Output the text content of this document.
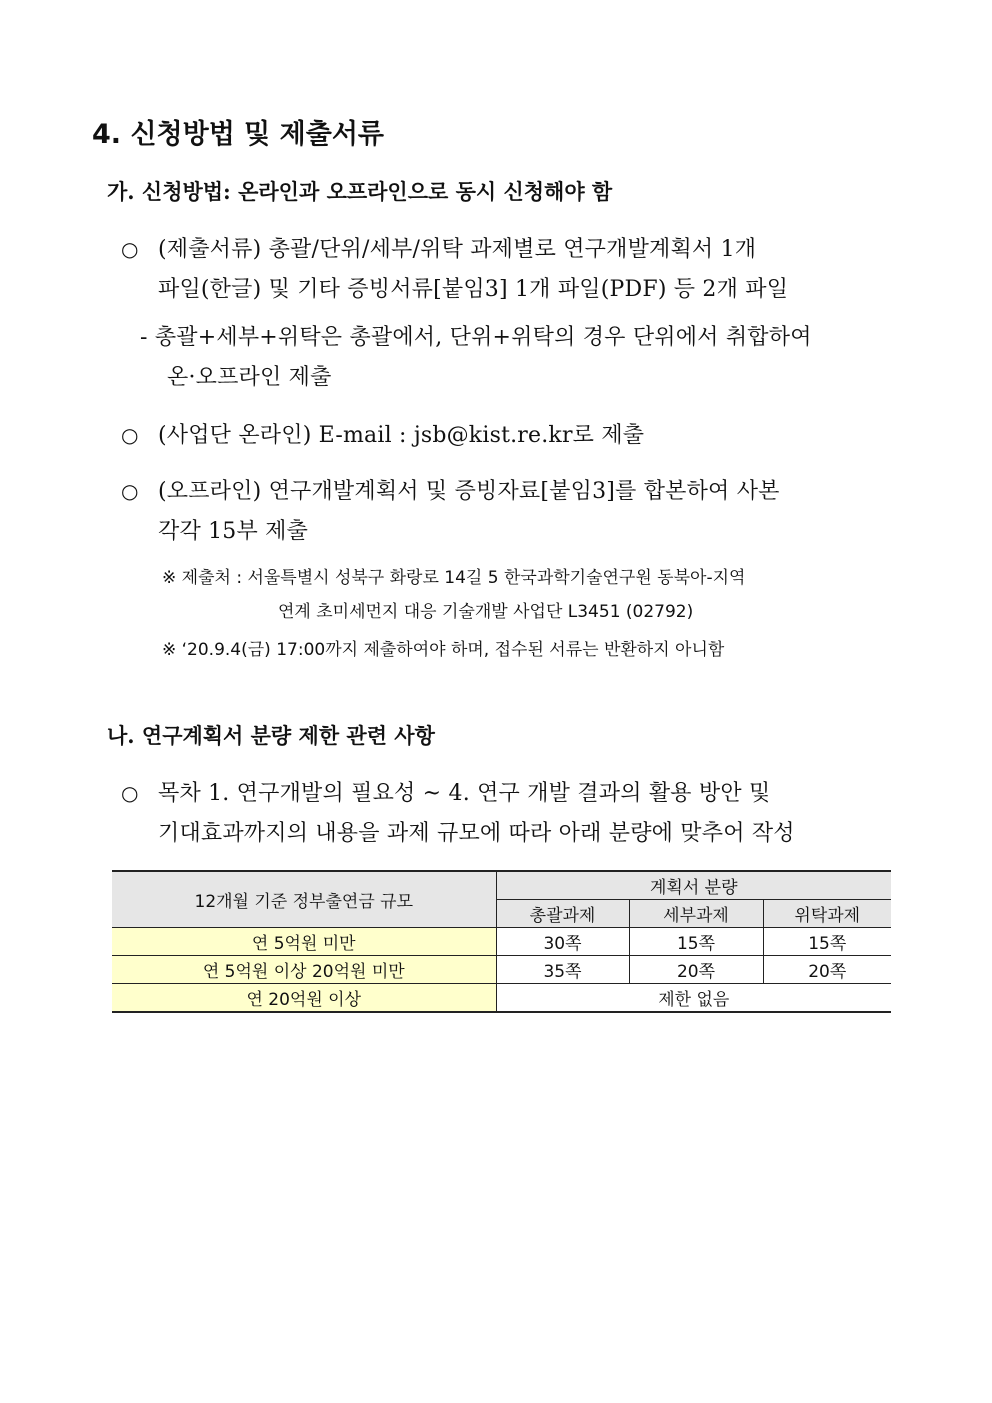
4. 신청방법 및 제출서류
가. 신청방법: 온라인과 오프라인으로 동시 신청해야 함
○ (제출서류) 총괄/단위/세부/위탁 과제별로 연구개발계획서 1개
파일(한글) 및 기타 증빙서류[붙임3] 1개 파일(PDF) 등 2개 파일
- 총괄+세부+위탁은 총괄에서, 단위+위탁의 경우 단위에서 취합하여
온·오프라인 제출
○ (사업단 온라인) E-mail : jsb@kist.re.kr로 제출
○ (오프라인) 연구개발계획서 및 증빙자료[붙임3]를 합본하여 사본
각각 15부 제출
※ 제출처 : 서울특별시 성북구 화랑로 14길 5 한국과학기술연구원 동북아-지역
연계 초미세먼지 대응 기술개발 사업단 L3451 (02792)
※ ‘20.9.4(금) 17:00까지 제출하여야 하며, 접수된 서류는 반환하지 아니함
나. 연구계획서 분량 제한 관련 사항
○ 목차 1. 연구개발의 필요성 ~ 4. 연구 개발 결과의 활용 방안 및
기대효과까지의 내용을 과제 규모에 따라 아래 분량에 맞추어 작성
12개월 기준 정부출연금 규모	계획서 분량		
	총괄과제	세부과제	위탁과제
연 5억원 미만	30쪽	15쪽	15쪽
연 5억원 이상 20억원 미만	35쪽	20쪽	20쪽
연 20억원 이상	제한 없음		
